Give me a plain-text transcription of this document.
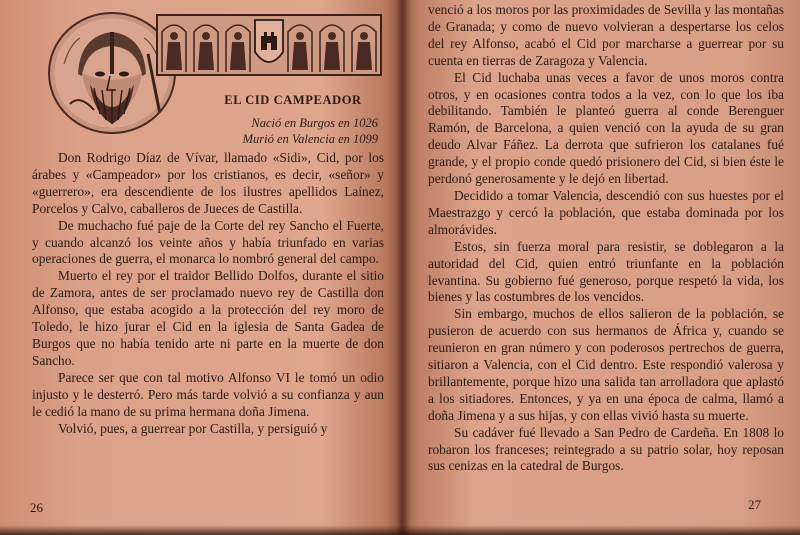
EL CID CAMPEADOR
Nació en Burgos en 1026
Murió en Valencia en 1099

Don Rodrigo Díaz de Vívar, llamado «Sidi», Cid, por los árabes y «Campeador» por los cristianos, es decir, «señor» y «guerrero», era descendiente de los ilustres apellidos Laínez, Porcelos y Calvo, caballeros de Jueces de Castilla.

De muchacho fué paje de la Corte del rey Sancho el Fuerte, y cuando alcanzó los veinte años y había triunfado en varias operaciones de guerra, el monarca lo nombró general del campo.

Muerto el rey por el traidor Bellido Dolfos, durante el sitio de Zamora, antes de ser proclamado nuevo rey de Castilla don Alfonso, que estaba acogido a la protección del rey moro de Toledo, le hizo jurar el Cid en la iglesia de Santa Gadea de Burgos que no había tenido arte ni parte en la muerte de don Sancho.

Parece ser que con tal motivo Alfonso VI le tomó un odio injusto y le desterró. Pero más tarde volvió a su confianza y aun le cedió la mano de su prima hermana doña Jimena.

Volvió, pues, a guerrear por Castilla, y persiguió y

26

venció a los moros por las proximidades de Sevilla y las montañas de Granada; y como de nuevo volvieran a despertarse los celos del rey Alfonso, acabó el Cid por marcharse a guerrear por su cuenta en tierras de Zaragoza y Valencia.

El Cid luchaba unas veces a favor de unos moros contra otros, y en ocasiones contra todos a la vez, con lo que los iba debilitando. También le planteó guerra al conde Berenguer Ramón, de Barcelona, a quien venció con la ayuda de su gran deudo Alvar Fáñez. La derrota que sufrieron los catalanes fué grande, y el propio conde quedó prisionero del Cid, si bien éste le perdonó generosamente y le dejó en libertad.

Decidido a tomar Valencia, descendió con sus huestes por el Maestrazgo y cercó la población, que estaba dominada por los almorávides.

Estos, sin fuerza moral para resistir, se doblegaron a la autoridad del Cid, quien entró triunfante en la población levantina. Su gobierno fué generoso, porque respetó la vida, los bienes y las costumbres de los vencidos.

Sin embargo, muchos de ellos salieron de la población, se pusieron de acuerdo con sus hermanos de África y, cuando se reunieron en gran número y con poderosos pertrechos de guerra, sitiaron a Valencia, con el Cid dentro. Este respondió valerosa y brillantemente, porque hizo una salida tan arrolladora que aplastó a los sitiadores. Entonces, y ya en una época de calma, llamó a doña Jimena y a sus hijas, y con ellas vivió hasta su muerte.

Su cadáver fué llevado a San Pedro de Cardeña. En 1808 lo robaron los franceses; reintegrado a su patrio solar, hoy reposan sus cenizas en la catedral de Burgos.

27
